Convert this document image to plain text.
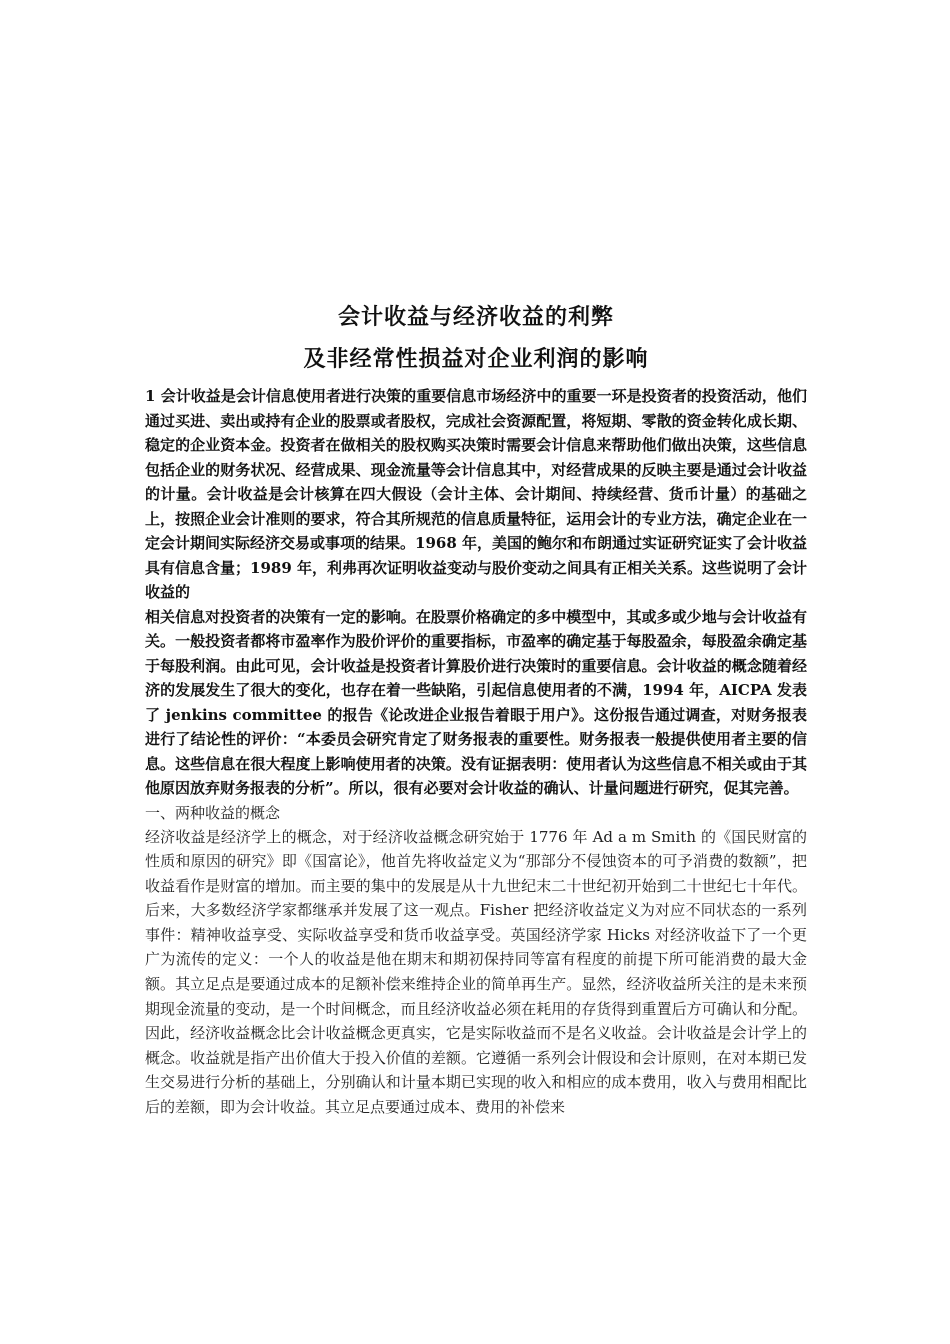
会计收益与经济收益的利弊
及非经常性损益对企业利润的影响

1 会计收益是会计信息使用者进行决策的重要信息市场经济中的重要一环是投资者的投资活动，他们通过买进、卖出或持有企业的股票或者股权，完成社会资源配置，将短期、零散的资金转化成长期、稳定的企业资本金。投资者在做相关的股权购买决策时需要会计信息来帮助他们做出决策，这些信息包括企业的财务状况、经营成果、现金流量等会计信息其中，对经营成果的反映主要是通过会计收益的计量。会计收益是会计核算在四大假设（会计主体、会计期间、持续经营、货币计量）的基础之上，按照企业会计准则的要求，符合其所规范的信息质量特征，运用会计的专业方法，确定企业在一定会计期间实际经济交易或事项的结果。1968 年，美国的鲍尔和布朗通过实证研究证实了会计收益具有信息含量；1989 年，利弗再次证明收益变动与股价变动之间具有正相关关系。这些说明了会计收益的

相关信息对投资者的决策有一定的影响。在股票价格确定的多中模型中，其或多或少地与会计收益有关。一般投资者都将市盈率作为股价评价的重要指标，市盈率的确定基于每股盈余，每股盈余确定基于每股利润。由此可见，会计收益是投资者计算股价进行决策时的重要信息。会计收益的概念随着经济的发展发生了很大的变化，也存在着一些缺陷，引起信息使用者的不满，1994 年，AICPA 发表了 jenkins committee 的报告《论改进企业报告着眼于用户》。这份报告通过调查，对财务报表进行了结论性的评价：“本委员会研究肯定了财务报表的重要性。财务报表一般提供使用者主要的信息。这些信息在很大程度上影响使用者的决策。没有证据表明：使用者认为这些信息不相关或由于其他原因放弃财务报表的分析”。所以，很有必要对会计收益的确认、计量问题进行研究，促其完善。

一、两种收益的概念

经济收益是经济学上的概念，对于经济收益概念研究始于 1776 年 Ad a m Smith 的《国民财富的性质和原因的研究》即《国富论》，他首先将收益定义为“那部分不侵蚀资本的可予消费的数额”，把收益看作是财富的增加。而主要的集中的发展是从十九世纪末二十世纪初开始到二十世纪七十年代。后来，大多数经济学家都继承并发展了这一观点。Fisher 把经济收益定义为对应不同状态的一系列事件：精神收益享受、实际收益享受和货币收益享受。英国经济学家 Hicks 对经济收益下了一个更广为流传的定义：一个人的收益是他在期末和期初保持同等富有程度的前提下所可能消费的最大金额。其立足点是要通过成本的足额补偿来维持企业的简单再生产。显然，经济收益所关注的是未来预期现金流量的变动，是一个时间概念，而且经济收益必须在耗用的存货得到重置后方可确认和分配。因此，经济收益概念比会计收益概念更真实，它是实际收益而不是名义收益。会计收益是会计学上的概念。收益就是指产出价值大于投入价值的差额。它遵循一系列会计假设和会计原则，在对本期已发生交易进行分析的基础上，分别确认和计量本期已实现的收入和相应的成本费用，收入与费用相配比后的差额，即为会计收益。其立足点要通过成本、费用的补偿来
